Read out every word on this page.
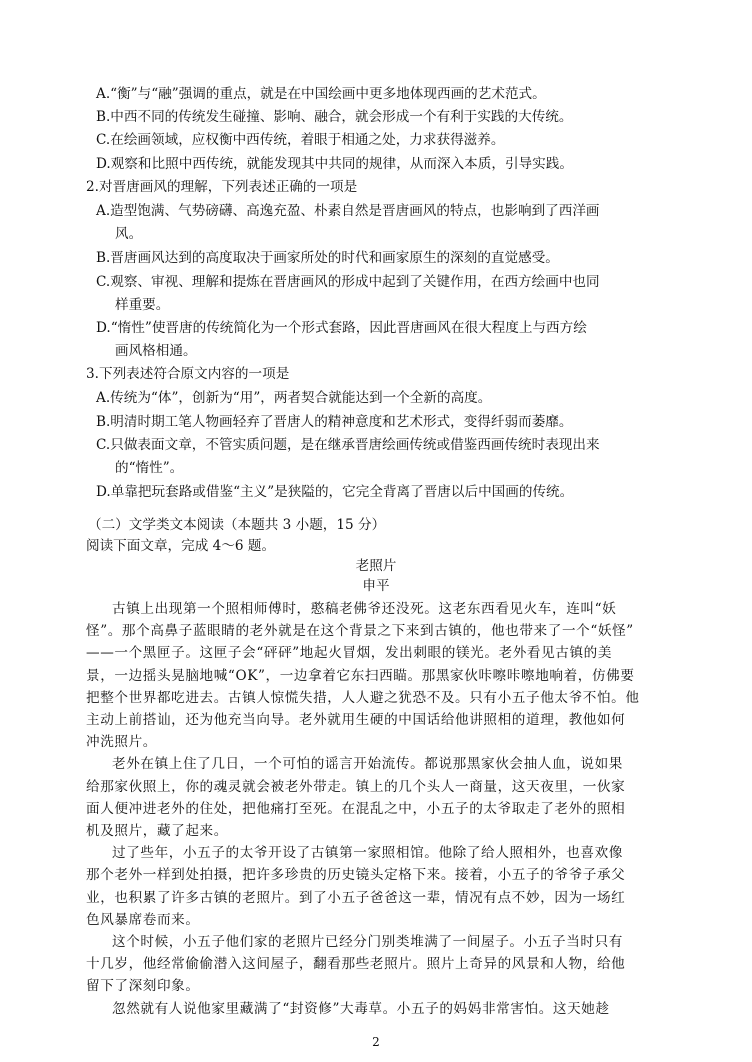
A.“衡”与“融”强调的重点，就是在中国绘画中更多地体现西画的艺术范式。
B.中西不同的传统发生碰撞、影响、融合，就会形成一个有利于实践的大传统。
C.在绘画领域，应权衡中西传统，着眼于相通之处，力求获得滋养。
D.观察和比照中西传统，就能发现其中共同的规律，从而深入本质，引导实践。
2.对晋唐画风的理解，下列表述正确的一项是
A.造型饱满、气势磅礴、高逸充盈、朴素自然是晋唐画风的特点，也影响到了西洋画
风。
B.晋唐画风达到的高度取决于画家所处的时代和画家原生的深刻的直觉感受。
C.观察、审视、理解和提炼在晋唐画风的形成中起到了关键作用，在西方绘画中也同
样重要。
D.“惰性”使晋唐的传统简化为一个形式套路，因此晋唐画风在很大程度上与西方绘
画风格相通。
3.下列表述符合原文内容的一项是
A.传统为“体”，创新为“用”，两者契合就能达到一个全新的高度。
B.明清时期工笔人物画轻弃了晋唐人的精神意度和艺术形式，变得纤弱而萎靡。
C.只做表面文章，不管实质问题，是在继承晋唐绘画传统或借鉴西画传统时表现出来
的“惰性”。
D.单靠把玩套路或借鉴“主义”是狭隘的，它完全背离了晋唐以后中国画的传统。
（二）文学类文本阅读（本题共 3 小题，15 分）
阅读下面文章，完成 4～6 题。
老照片
申平
古镇上出现第一个照相师傅时，憨稿老佛爷还没死。这老东西看见火车，连叫“妖
怪”。那个高鼻子蓝眼睛的老外就是在这个背景之下来到古镇的，他也带来了一个“妖怪”
——一个黑匣子。这匣子会“砰砰”地起火冒烟，发出刺眼的镁光。老外看见古镇的美
景，一边摇头晃脑地喊“OK”，一边拿着它东扫西瞄。那黑家伙咔嚓咔嚓地响着，仿佛要
把整个世界都吃进去。古镇人惊慌失措，人人避之犹恐不及。只有小五子他太爷不怕。他
主动上前搭讪，还为他充当向导。老外就用生硬的中国话给他讲照相的道理，教他如何
冲洗照片。
老外在镇上住了几日，一个可怕的谣言开始流传。都说那黑家伙会抽人血，说如果
给那家伙照上，你的魂灵就会被老外带走。镇上的几个头人一商量，这天夜里，一伙家
面人便冲进老外的住处，把他痛打至死。在混乱之中，小五子的太爷取走了老外的照相
机及照片，藏了起来。
过了些年，小五子的太爷开设了古镇第一家照相馆。他除了给人照相外，也喜欢像
那个老外一样到处拍摄，把许多珍贵的历史镜头定格下来。接着，小五子的爷爷子承父
业，也积累了许多古镇的老照片。到了小五子爸爸这一辈，情况有点不妙，因为一场红
色风暴席卷而来。
这个时候，小五子他们家的老照片已经分门别类堆满了一间屋子。小五子当时只有
十几岁，他经常偷偷潜入这间屋子，翻看那些老照片。照片上奇异的风景和人物，给他
留下了深刻印象。
忽然就有人说他家里藏满了“封资修”大毒草。小五子的妈妈非常害怕。这天她趁
2
